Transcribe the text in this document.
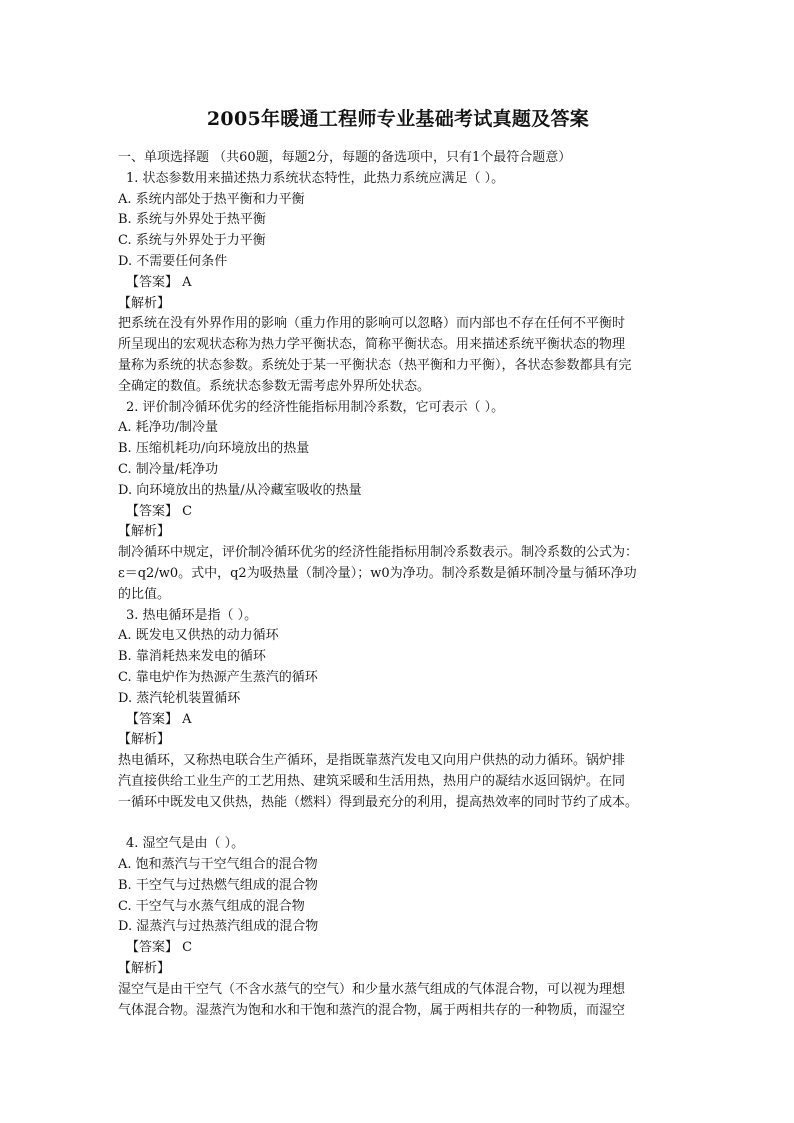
2005年暖通工程师专业基础考试真题及答案
一、单项选择题 （共60题，每题2分，每题的备选项中，只有1个最符合题意）
1. 状态参数用来描述热力系统状态特性，此热力系统应满足（ ）。
A. 系统内部处于热平衡和力平衡
B. 系统与外界处于热平衡
C. 系统与外界处于力平衡
D. 不需要任何条件
【答案】 A
【解析】
把系统在没有外界作用的影响（重力作用的影响可以忽略）而内部也不存在任何不平衡时
所呈现出的宏观状态称为热力学平衡状态，简称平衡状态。用来描述系统平衡状态的物理
量称为系统的状态参数。系统处于某一平衡状态（热平衡和力平衡），各状态参数都具有完
全确定的数值。系统状态参数无需考虑外界所处状态。
2. 评价制冷循环优劣的经济性能指标用制冷系数，它可表示（ ）。
A. 耗净功/制冷量
B. 压缩机耗功/向环境放出的热量
C. 制冷量/耗净功
D. 向环境放出的热量/从冷藏室吸收的热量
【答案】 C
【解析】
制冷循环中规定，评价制冷循环优劣的经济性能指标用制冷系数表示。制冷系数的公式为：
ε＝q2/w0。式中，q2为吸热量（制冷量）；w0为净功。制冷系数是循环制冷量与循环净功
的比值。
3. 热电循环是指（ ）。
A. 既发电又供热的动力循环
B. 靠消耗热来发电的循环
C. 靠电炉作为热源产生蒸汽的循环
D. 蒸汽轮机装置循环
【答案】 A
【解析】
热电循环，又称热电联合生产循环，是指既靠蒸汽发电又向用户供热的动力循环。锅炉排
汽直接供给工业生产的工艺用热、建筑采暖和生活用热，热用户的凝结水返回锅炉。在同
一循环中既发电又供热，热能（燃料）得到最充分的利用，提高热效率的同时节约了成本。
4. 湿空气是由（ ）。
A. 饱和蒸汽与干空气组合的混合物
B. 干空气与过热燃气组成的混合物
C. 干空气与水蒸气组成的混合物
D. 湿蒸汽与过热蒸汽组成的混合物
【答案】 C
【解析】
湿空气是由干空气（不含水蒸气的空气）和少量水蒸气组成的气体混合物，可以视为理想
气体混合物。湿蒸汽为饱和水和干饱和蒸汽的混合物，属于两相共存的一种物质，而湿空
